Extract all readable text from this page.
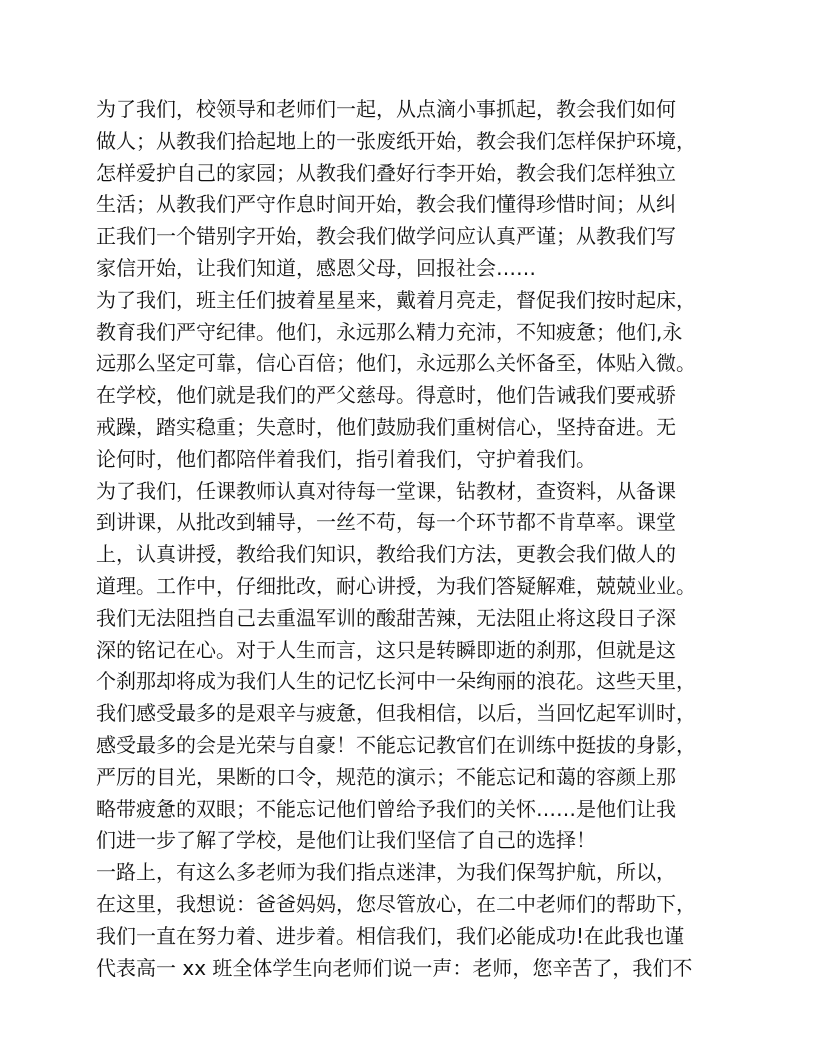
为了我们，校领导和老师们一起，从点滴小事抓起，教会我们如何
做人；从教我们拾起地上的一张废纸开始，教会我们怎样保护环境，
怎样爱护自己的家园；从教我们叠好行李开始，教会我们怎样独立
生活；从教我们严守作息时间开始，教会我们懂得珍惜时间；从纠
正我们一个错别字开始，教会我们做学问应认真严谨；从教我们写
家信开始，让我们知道，感恩父母，回报社会……
为了我们，班主任们披着星星来，戴着月亮走，督促我们按时起床，
教育我们严守纪律。他们，永远那么精力充沛，不知疲惫；他们,永
远那么坚定可靠，信心百倍；他们，永远那么关怀备至，体贴入微。
在学校，他们就是我们的严父慈母。得意时，他们告诫我们要戒骄
戒躁，踏实稳重；失意时，他们鼓励我们重树信心，坚持奋进。无
论何时，他们都陪伴着我们，指引着我们，守护着我们。
为了我们，任课教师认真对待每一堂课，钻教材，查资料，从备课
到讲课，从批改到辅导，一丝不苟，每一个环节都不肯草率。课堂
上，认真讲授，教给我们知识，教给我们方法，更教会我们做人的
道理。工作中，仔细批改，耐心讲授，为我们答疑解难，兢兢业业。
我们无法阻挡自己去重温军训的酸甜苦辣，无法阻止将这段日子深
深的铭记在心。对于人生而言，这只是转瞬即逝的刹那，但就是这
个刹那却将成为我们人生的记忆长河中一朵绚丽的浪花。这些天里，
我们感受最多的是艰辛与疲惫，但我相信，以后，当回忆起军训时，
感受最多的会是光荣与自豪！不能忘记教官们在训练中挺拔的身影，
严厉的目光，果断的口令，规范的演示；不能忘记和蔼的容颜上那
略带疲惫的双眼；不能忘记他们曾给予我们的关怀……是他们让我
们进一步了解了学校，是他们让我们坚信了自己的选择！
一路上，有这么多老师为我们指点迷津，为我们保驾护航，所以，
在这里，我想说：爸爸妈妈，您尽管放心，在二中老师们的帮助下，
我们一直在努力着、进步着。相信我们，我们必能成功!在此我也谨
代表高一 xx 班全体学生向老师们说一声：老师，您辛苦了，我们不
